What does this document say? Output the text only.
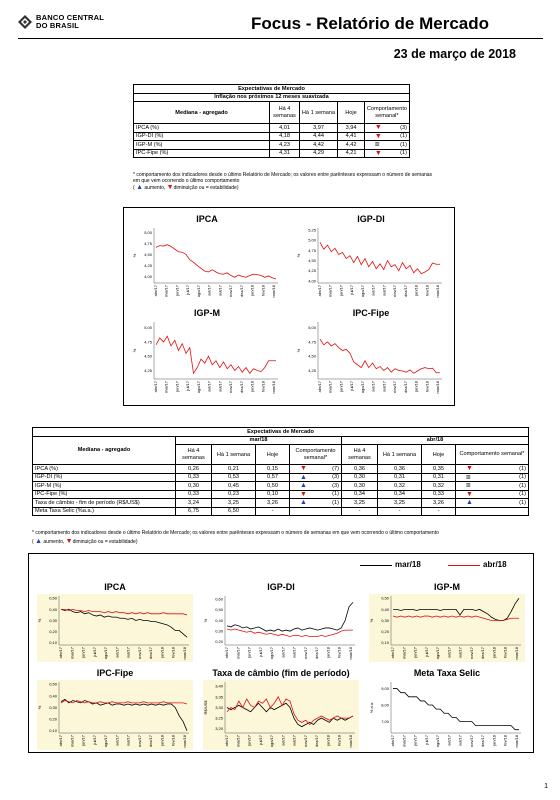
BANCO CENTRAL
DO BRASIL	Focus - Relatório de Mercado
23 de março de 2018
Expectativas de Mercado				
Inflação nos próximos 12 meses suavizada				
Mediana - agregado	Há 4 semanas	Há 1 semana	Hoje	Comportamento semanal*
IPCA (%)	4,01	3,97	3,94	▼ (3)

IGP-DI (%)	4,18	4,44	4,41	▼ (1)

IGP-M (%)	4,23	4,42	4,42	= (1)

IPC-Fipe (%)	4,31	4,29	4,21	▼ (1)
* comportamento dos indicadores desde o último Relatório de Mercado; os valores entre parênteses expressam o número de semanas em que vem ocorrendo o último comportamento
( ▲ aumento, ▼diminuição ou = estabilidade)
IPCA
5,00
4,75
4,50
4,25
4,00
%
abr/17 mai/17 jun/17 jul/17 ago/17 set/17 out/17 nov/17 dez/17 jan/18 fev/18 mar/18
IGP-DI
5,25
5,00
4,75
4,50
4,25
4,00
%
abr/17 mai/17 jun/17 jul/17 ago/17 set/17 out/17 nov/17 dez/17 jan/18 fev/18 mar/18
IGP-M
5,00
4,75
4,50
4,25
%
abr/17 mai/17 jun/17 jul/17 ago/17 set/17 out/17 nov/17 dez/17 jan/18 fev/18 mar/18
IPC-Fipe
5,00
4,75
4,50
4,25
%
abr/17 mai/17 jun/17 jul/17 ago/17 set/17 out/17 nov/17 dez/17 jan/18 fev/18 mar/18
Expectativas de Mercado								
Mediana - agregado	mar/18				abr/18			
	Há 4 semanas	Há 1 semana	Hoje	Comportamento semanal*	Há 4 semanas	Há 1 semana	Hoje	Comportamento semanal*
IPCA (%)	0,26	0,21	0,15	▼ (7)	0,36	0,36	0,35	▼ (1)

IGP-DI (%)	0,33	0,53	0,57	▲ (3)	0,30	0,31	0,31	= (1)

IGP-M (%)	0,30	0,45	0,50	▲ (3)	0,30	0,32	0,32	= (1)

IPC-Fipe (%)	0,33	0,23	0,10	▼ (1)	0,34	0,34	0,33	▼ (1)

Taxa de câmbio - fim de período (R$/US$)	3,24	3,25	3,26	▲ (1)	3,25	3,25	3,26	▲ (1)

Meta Taxa Selic (%a.a.)	6,75	6,50	-		-	-	-	
* comportamento dos indicadores desde o último Relatório de Mercado; os valores entre parênteses expressam o número de semanas em que vem ocorrendo o último comportamento
( ▲ aumento, ▼diminuição ou = estabilidade)
IPCA
0,50
0,40
0,30
0,20
0,10
%
abr/17 mai/17 jun/17 jul/17 ago/17 set/17 out/17 nov/17 dez/17 jan/18 fev/18 mar/18
IGP-DI
0,60
0,50
0,40
0,30
0,20
%
abr/17 mai/17 jun/17 jul/17 ago/17 set/17 out/17 nov/17 dez/17 jan/18 fev/18 mar/18
IGP-M
0,50
0,40
0,30
0,20
0,10
%
abr/17 mai/17 jun/17 jul/17 ago/17 set/17 out/17 nov/17 dez/17 jan/18 fev/18 mar/18
IPC-Fipe
0,50
0,40
0,30
0,20
0,10
%
abr/17 mai/17 jun/17 jul/17 ago/17 set/17 out/17 nov/17 dez/17 jan/18 fev/18 mar/18
Taxa de câmbio (fim de período)
3,40
3,35
3,30
3,25
3,20
R$/US$
abr/17 mai/17 jun/17 jul/17 ago/17 set/17 out/17 nov/17 dez/17 jan/18 fev/18 mar/18
Meta Taxa Selic
9,00
8,00
7,00
% a.a.
abr/17 mai/17 jun/17 jul/17 ago/17 set/17 out/17 nov/17 dez/17 jan/18 fev/18 mar/18
mar/18	abr/18
1
